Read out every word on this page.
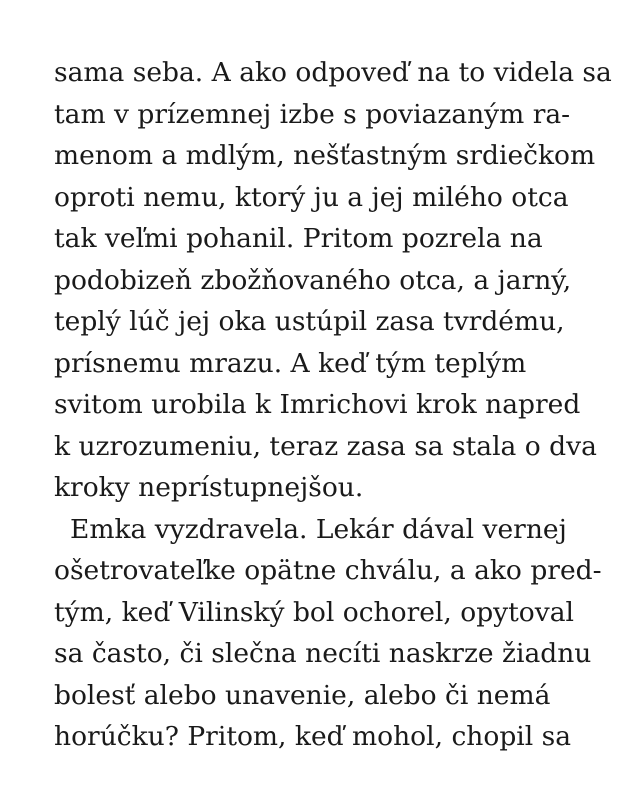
sama seba. A ako odpoveď na to videla sa
tam v prízemnej izbe s poviazaným ra-
menom a mdlým, nešťastným srdiečkom
oproti nemu, ktorý ju a jej milého otca
tak veľmi pohanil. Pritom pozrela na
podobizeň zbožňovaného otca, a jarný,
teplý lúč jej oka ustúpil zasa tvrdému,
prísnemu mrazu. A keď tým teplým
svitom urobila k Imrichovi krok napred
k uzrozumeniu, teraz zasa sa stala o dva
kroky neprístupnejšou.
Emka vyzdravela. Lekár dával vernej
ošetrovateľke opätne chválu, a ako pred-
tým, keď Vilinský bol ochorel, opytoval
sa často, či slečna necíti naskrze žiadnu
bolesť alebo unavenie, alebo či nemá
horúčku? Pritom, keď mohol, chopil sa
